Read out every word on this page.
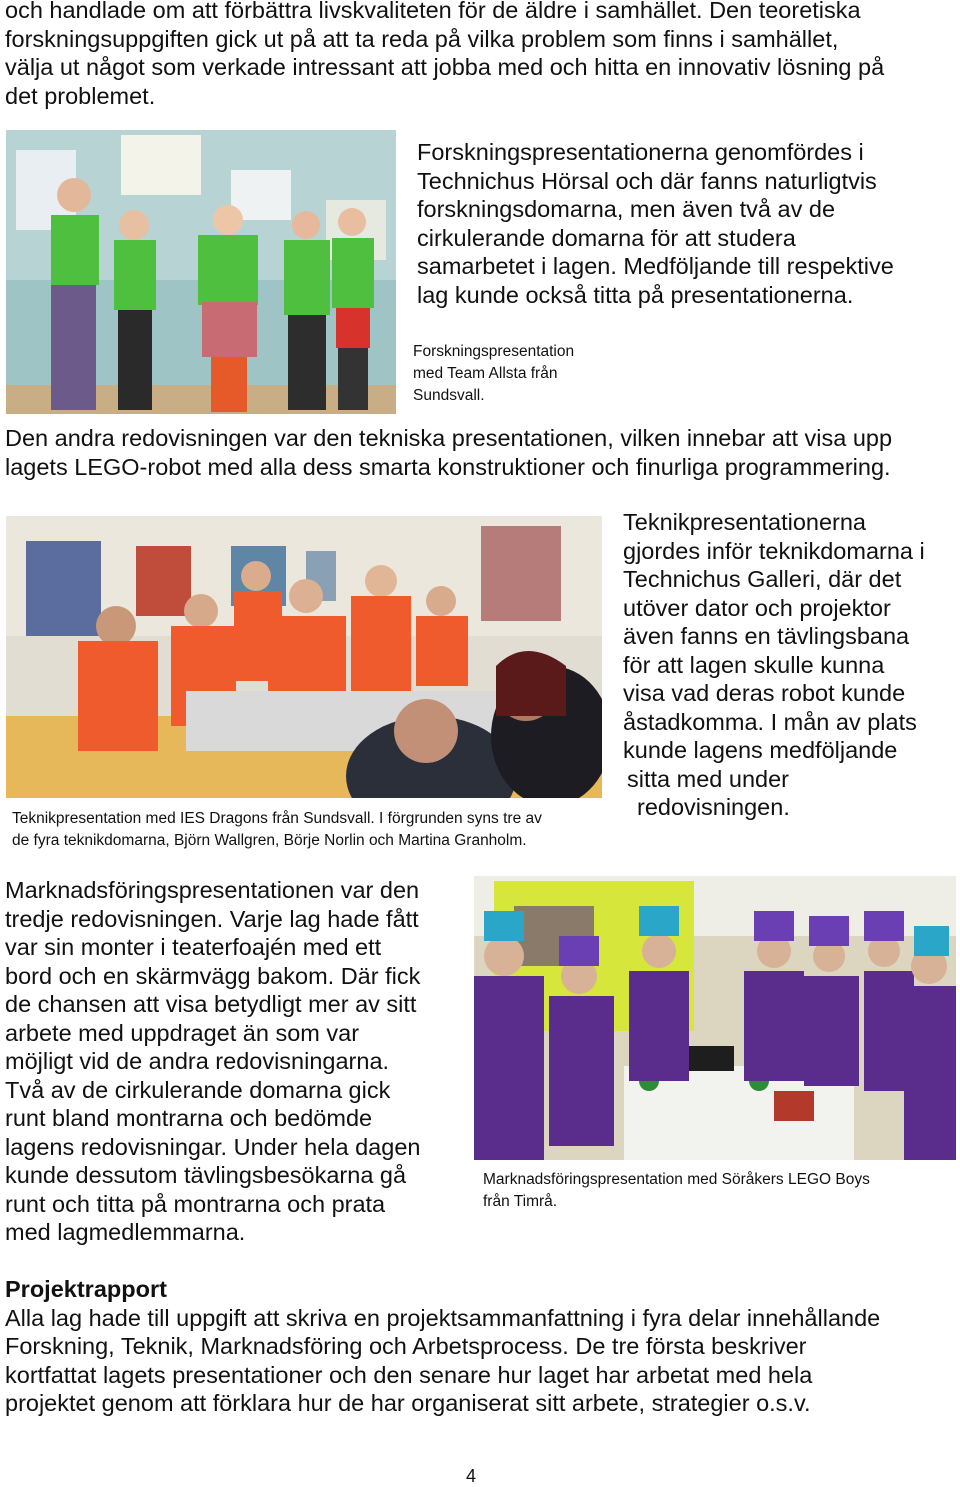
och handlade om att förbättra livskvaliteten för de äldre i samhället. Den teoretiska

forskningsuppgiften gick ut på att ta reda på vilka problem som finns i samhället,

välja ut något som verkade intressant att jobba med och hitta en innovativ lösning på

det problemet.

Forskningspresentationerna genomfördes i

Technichus Hörsal och där fanns naturligtvis

forskningsdomarna, men även två av de

cirkulerande domarna för att studera

samarbetet i lagen. Medföljande till respektive

lag kunde också titta på presentationerna.

Forskningspresentation

med Team Allsta från

Sundsvall.

Den andra redovisningen var den tekniska presentationen, vilken innebar att visa upp

lagets LEGO-robot med alla dess smarta konstruktioner och finurliga programmering.

Teknikpresentationerna

gjordes inför teknikdomarna i

Technichus Galleri, där det

utöver dator och projektor

även fanns en tävlingsbana

för att lagen skulle kunna

visa vad deras robot kunde

åstadkomma. I mån av plats

kunde lagens medföljande

sitta med under

redovisningen.

Teknikpresentation med IES Dragons från Sundsvall. I förgrunden syns tre av

de fyra teknikdomarna, Björn Wallgren, Börje Norlin och Martina Granholm.

Marknadsföringspresentationen var den

tredje redovisningen. Varje lag hade fått

var sin monter i teaterfoajén med ett

bord och en skärmvägg bakom. Där fick

de chansen att visa betydligt mer av sitt

arbete med uppdraget än som var

möjligt vid de andra redovisningarna.

Två av de cirkulerande domarna gick

runt bland montrarna och bedömde

lagens redovisningar. Under hela dagen

kunde dessutom tävlingsbesökarna gå

runt och titta på montrarna och prata

med lagmedlemmarna.

Marknadsföringspresentation med Söråkers LEGO Boys

från Timrå.

Projektrapport

Alla lag hade till uppgift att skriva en projektsammanfattning i fyra delar innehållande

Forskning, Teknik, Marknadsföring och Arbetsprocess. De tre första beskriver

kortfattat lagets presentationer och den senare hur laget har arbetat med hela

projektet genom att förklara hur de har organiserat sitt arbete, strategier o.s.v.

4
